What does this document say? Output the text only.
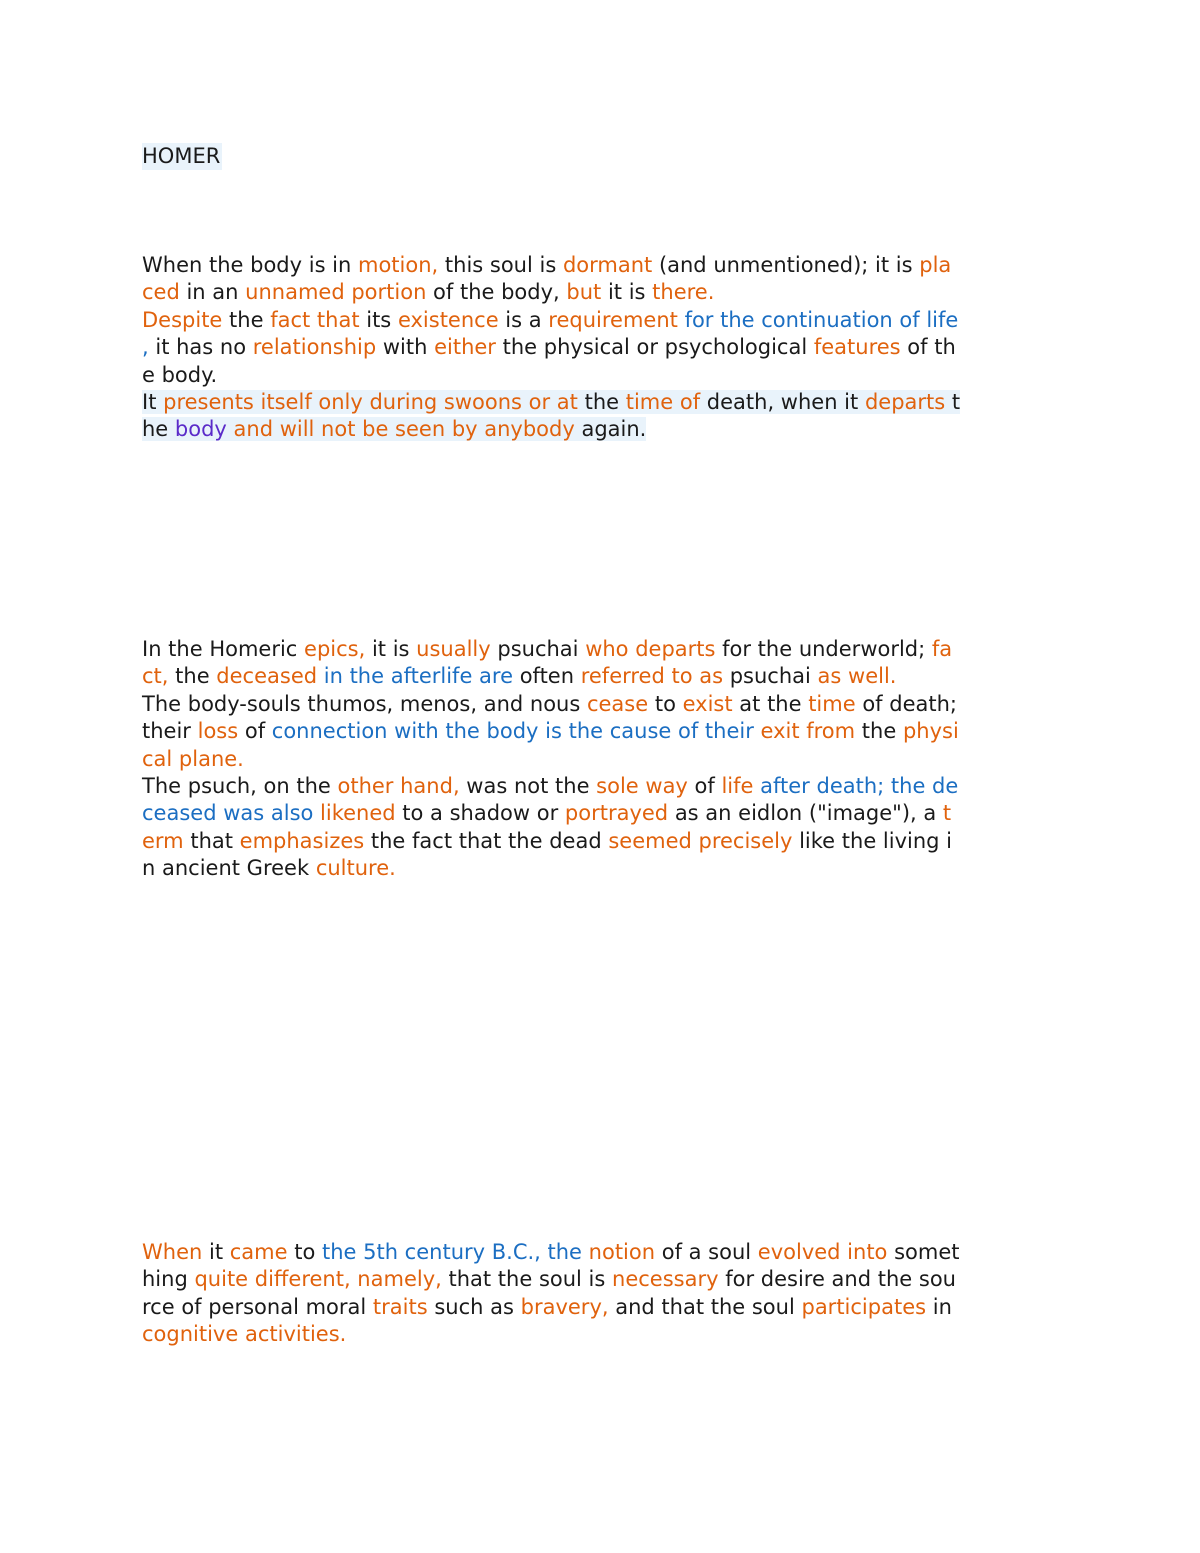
HOMER
When the body is in motion, this soul is dormant (and unmentioned); it is pla
ced in an unnamed portion of the body, but it is there.
Despite the fact that its existence is a requirement for the continuation of life
, it has no relationship with either the physical or psychological features of th
e body.
It presents itself only during swoons or at the time of death, when it departs t
he body and will not be seen by anybody again.
In the Homeric epics, it is usually psuchai who departs for the underworld; fa
ct, the deceased in the afterlife are often referred to as psuchai as well.
The body-souls thumos, menos, and nous cease to exist at the time of death;
their loss of connection with the body is the cause of their exit from the physi
cal plane.
The psuch, on the other hand, was not the sole way of life after death; the de
ceased was also likened to a shadow or portrayed as an eidlon ("image"), a t
erm that emphasizes the fact that the dead seemed precisely like the living i
n ancient Greek culture.
When it came to the 5th century B.C., the notion of a soul evolved into somet
hing quite different, namely, that the soul is necessary for desire and the sou
rce of personal moral traits such as bravery, and that the soul participates in
cognitive activities.
